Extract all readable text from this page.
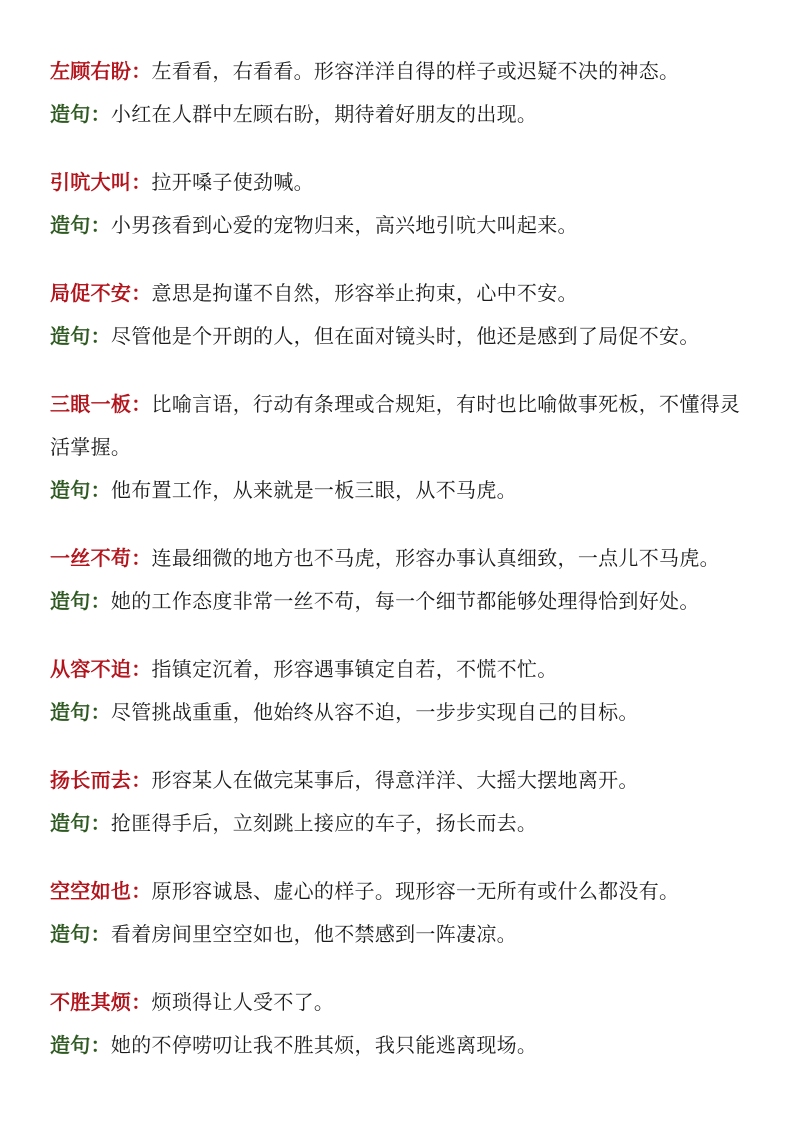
左顾右盼：左看看，右看看。形容洋洋自得的样子或迟疑不决的神态。

造句：小红在人群中左顾右盼，期待着好朋友的出现。

引吭大叫：拉开嗓子使劲喊。

造句：小男孩看到心爱的宠物归来，高兴地引吭大叫起来。

局促不安：意思是拘谨不自然，形容举止拘束，心中不安。

造句：尽管他是个开朗的人，但在面对镜头时，他还是感到了局促不安。

三眼一板：比喻言语，行动有条理或合规矩，有时也比喻做事死板，不懂得灵活掌握。

造句：他布置工作，从来就是一板三眼，从不马虎。

一丝不苟：连最细微的地方也不马虎，形容办事认真细致，一点儿不马虎。

造句：她的工作态度非常一丝不苟，每一个细节都能够处理得恰到好处。

从容不迫：指镇定沉着，形容遇事镇定自若，不慌不忙。

造句：尽管挑战重重，他始终从容不迫，一步步实现自己的目标。

扬长而去：形容某人在做完某事后，得意洋洋、大摇大摆地离开。

造句：抢匪得手后，立刻跳上接应的车子，扬长而去。

空空如也：原形容诚恳、虚心的样子。现形容一无所有或什么都没有。

造句：看着房间里空空如也，他不禁感到一阵凄凉。

不胜其烦：烦琐得让人受不了。

造句：她的不停唠叨让我不胜其烦，我只能逃离现场。
